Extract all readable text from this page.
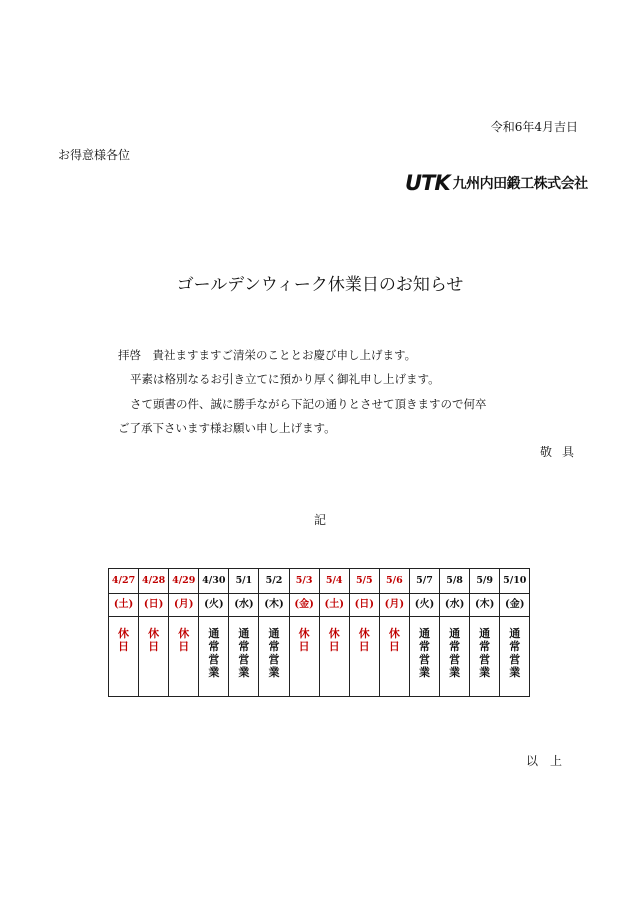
令和6年4月吉日
お得意様各位
UTK 九州内田鍛工株式会社
ゴールデンウィーク休業日のお知らせ
拝啓　貴社ますますご清栄のこととお慶び申し上げます。
平素は格別なるお引き立てに預かり厚く御礼申し上げます。
さて頭書の件、誠に勝手ながら下記の通りとさせて頂きますので何卒
ご了承下さいます様お願い申し上げます。
敬具
記
4/27	4/28	4/29	4/30	5/1	5/2	5/3	5/4	5/5	5/6	5/7	5/8	5/9	5/10
(土)	(日)	(月)	(火)	(水)	(木)	(金)	(土)	(日)	(月)	(火)	(水)	(木)	(金)
休日	休日	休日	通常営業	通常営業	通常営業	休日	休日	休日	休日	通常営業	通常営業	通常営業	通常営業
以上
